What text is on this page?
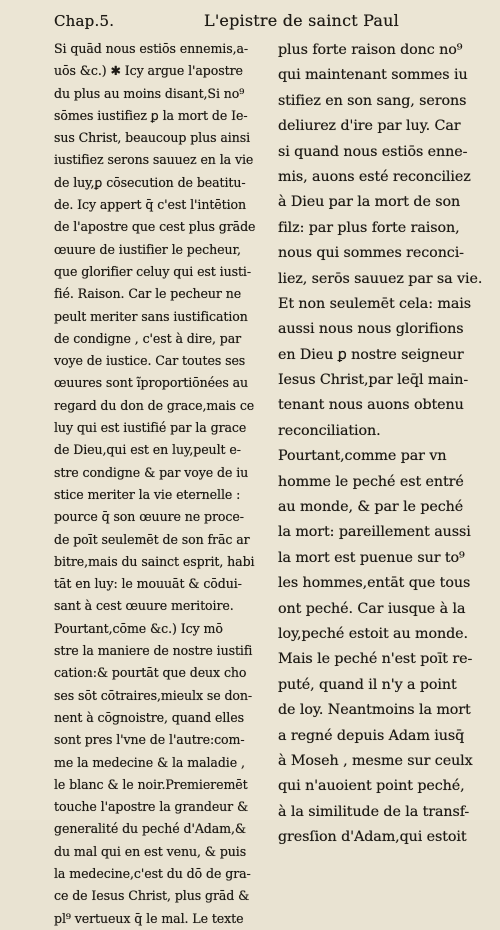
Chap.5.	L'epistre de sainct Paul
Si quād nous estiōs ennemis,a-
uōs &c.) ✱ Icy argue l'apostre
du plus au moins disant,Si no⁹
sōmes iustifiez ꝑ la mort de Ie-
sus Christ, beaucoup plus ainsi
iustifiez serons sauuez en la vie
de luy,ꝑ cōsecution de beatitu-
de. Icy appert q̄ c'est l'intētion
de l'apostre que cest plus grāde
œuure de iustifier le pecheur,
que glorifier celuy qui est iusti-
fié. Raison. Car le pecheur ne
peult meriter sans iustification
de condigne , c'est à dire, par
voye de iustice. Car toutes ses
œuures sont ĩproportiōnées au
regard du don de grace,mais ce
luy qui est iustifié par la grace
de Dieu,qui est en luy,peult e-
stre condigne & par voye de iu
stice meriter la vie eternelle :
pource q̄ son œuure ne proce-
de poīt seulemēt de son frāc ar
bitre,mais du sainct esprit, habi
tāt en luy: le mouuāt & cōdui-
sant à cest œuure meritoire.
Pourtant,cōme &c.) Icy mō
stre la maniere de nostre iustifi
cation:& pourtāt que deux cho
ses sōt cōtraires,mieulx se don-
nent à cōgnoistre, quand elles
sont pres l'vne de l'autre:com-
me la medecine & la maladie ,
le blanc & le noir.Premieremēt
touche l'apostre la grandeur &
generalité du peché d'Adam,&
du mal qui en est venu, & puis
la medecine,c'est du dō de gra-
ce de Iesus Christ, plus grād &
pl⁹ vertueux q̄ le mal. Le texte
plus forte raison donc no⁹
qui maintenant sommes iu
stifiez en son sang, serons
deliurez d'ire par luy. Car
si quand nous estiōs enne-
mis, auons esté reconciliez
à Dieu par la mort de son
filz: par plus forte raison,
nous qui sommes reconci-
liez, serōs sauuez par sa vie.
Et non seulemēt cela: mais
aussi nous nous glorifions
en Dieu ꝑ nostre seigneur
Iesus Christ,par leq̄l main-
tenant nous auons obtenu
reconciliation.
Pourtant,comme par vn
homme le peché est entré
au monde, & par le peché
la mort: pareillement aussi
la mort est puenue sur to⁹
les hommes,entāt que tous
ont peché. Car iusque à la
loy,peché estoit au monde.
Mais le peché n'est poīt re-
puté, quand il n'y a point
de loy. Neantmoins la mort
a regné depuis Adam iusq̄
à Moseh , mesme sur ceulx
qui n'auoient point peché,
à la similitude de la transf-
gresſion d'Adam,qui estoit
